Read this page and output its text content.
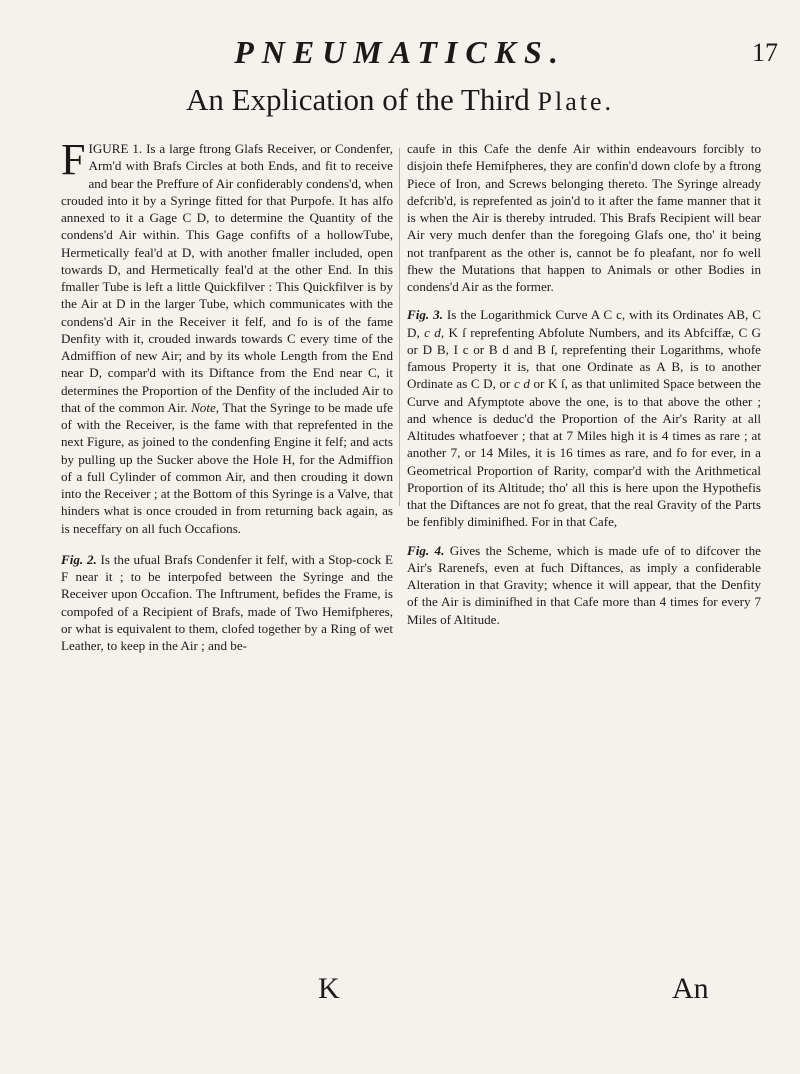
PNEUMATICKS.	17
An Explication of the Third Plate.

FIGURE 1. Is a large ftrong Glafs Receiver, or Condenfer, Arm'd with Brafs Circles at both Ends, and fit to receive and bear the Preffure of Air confiderably condens'd, when crouded into it by a Syringe fitted for that Purpofe. It has alfo annexed to it a Gage C D, to determine the Quantity of the condens'd Air within. This Gage confifts of a hollowTube, Hermetically feal'd at D, with another fmaller included, open towards D, and Hermetically feal'd at the other End. In this fmaller Tube is left a little Quickfilver : This Quickfilver is by the Air at D in the larger Tube, which communicates with the condens'd Air in the Receiver it felf, and fo is of the fame Denfity with it, crouded inwards towards C every time of the Admiffion of new Air; and by its whole Length from the End near D, compar'd with its Diftance from the End near C, it determines the Proportion of the Denfity of the included Air to that of the common Air. Note, That the Syringe to be made ufe of with the Receiver, is the fame with that reprefented in the next Figure, as joined to the condenfing Engine it felf; and acts by pulling up the Sucker above the Hole H, for the Admiffion of a full Cylinder of common Air, and then crouding it down into the Receiver ; at the Bottom of this Syringe is a Valve, that hinders what is once crouded in from returning back again, as is neceffary on all fuch Occafions.

Fig. 2. Is the ufual Brafs Condenfer it felf, with a Stop-cock E F near it ; to be interpofed between the Syringe and the Receiver upon Occafion. The Inftrument, befides the Frame, is compofed of a Recipient of Brafs, made of Two Hemifpheres, or what is equivalent to them, clofed together by a Ring of wet Leather, to keep in the Air ; and be-

caufe in this Cafe the denfe Air within endeavours forcibly to disjoin thefe Hemifpheres, they are confin'd down clofe by a ftrong Piece of Iron, and Screws belonging thereto. The Syringe already defcrib'd, is reprefented as join'd to it after the fame manner that it is when the Air is thereby intruded. This Brafs Recipient will bear Air very much denfer than the foregoing Glafs one, tho' it being not tranfparent as the other is, cannot be fo pleafant, nor fo well fhew the Mutations that happen to Animals or other Bodies in condens'd Air as the former.

Fig. 3. Is the Logarithmick Curve A C c, with its Ordinates AB, C D, c d, K ſ reprefenting Abfolute Numbers, and its Abfciffæ, C G or D B, I c or B d and B ſ, reprefenting their Logarithms, whofe famous Property it is, that one Ordinate as A B, is to another Ordinate as C D, or c d or K ſ, as that unlimited Space between the Curve and Afymptote above the one, is to that above the other ; and whence is deduc'd the Proportion of the Air's Rarity at all Altitudes whatfoever ; that at 7 Miles high it is 4 times as rare ; at another 7, or 14 Miles, it is 16 times as rare, and fo for ever, in a Geometrical Proportion of Rarity, compar'd with the Arithmetical Proportion of its Altitude; tho' all this is here upon the Hypothefis that the Diftances are not fo great, that the real Gravity of the Parts be fenfibly diminifhed. For in that Cafe,

Fig. 4. Gives the Scheme, which is made ufe of to difcover the Air's Rarenefs, even at fuch Diftances, as imply a confiderable Alteration in that Gravity; whence it will appear, that the Denfity of the Air is diminifhed in that Cafe more than 4 times for every 7 Miles of Altitude.

K	An
